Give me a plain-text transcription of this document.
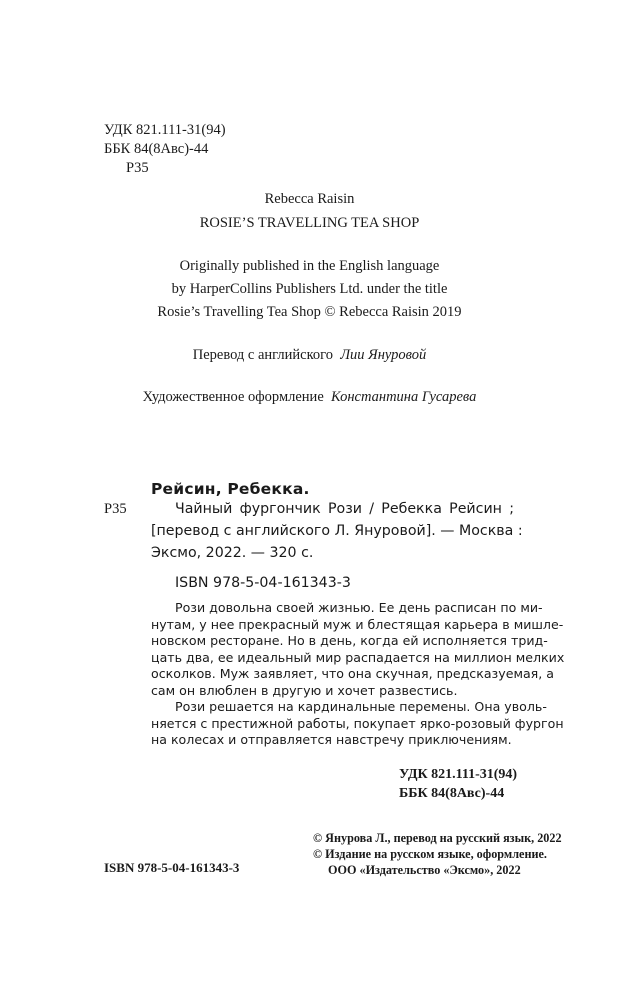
УДК 821.111-31(94)
ББК 84(8Авс)-44
Р35
Rebecca Raisin
ROSIE’S TRAVELLING TEA SHOP
Originally published in the English language
by HarperCollins Publishers Ltd. under the title
Rosie’s Travelling Tea Shop © Rebecca Raisin 2019
Перевод с английского Лии Януровой
Художественное оформление Константина Гусарева
Рейсин, Ребекка.
Р35	Чайный фургончик Рози / Ребекка Рейсин ;
[перевод с английского Л. Януровой]. — Москва :
Эксмо, 2022. — 320 с.
ISBN 978-5-04-161343-3
Рози довольна своей жизнью. Ее день расписан по ми-
нутам, у нее прекрасный муж и блестящая карьера в мишле-
новском ресторане. Но в день, когда ей исполняется трид-
цать два, ее идеальный мир распадается на миллион мелких
осколков. Муж заявляет, что она скучная, предсказуемая, а
сам он влюблен в другую и хочет развестись.
Рози решается на кардинальные перемены. Она уволь-
няется с престижной работы, покупает ярко-розовый фургон
на колесах и отправляется навстречу приключениям.
УДК 821.111-31(94)
ББК 84(8Авс)-44
ISBN 978-5-04-161343-3
© Януровa Л., перевод на русский язык, 2022
© Издание на русском языке, оформление.
ООО «Издательство «Эксмо», 2022
